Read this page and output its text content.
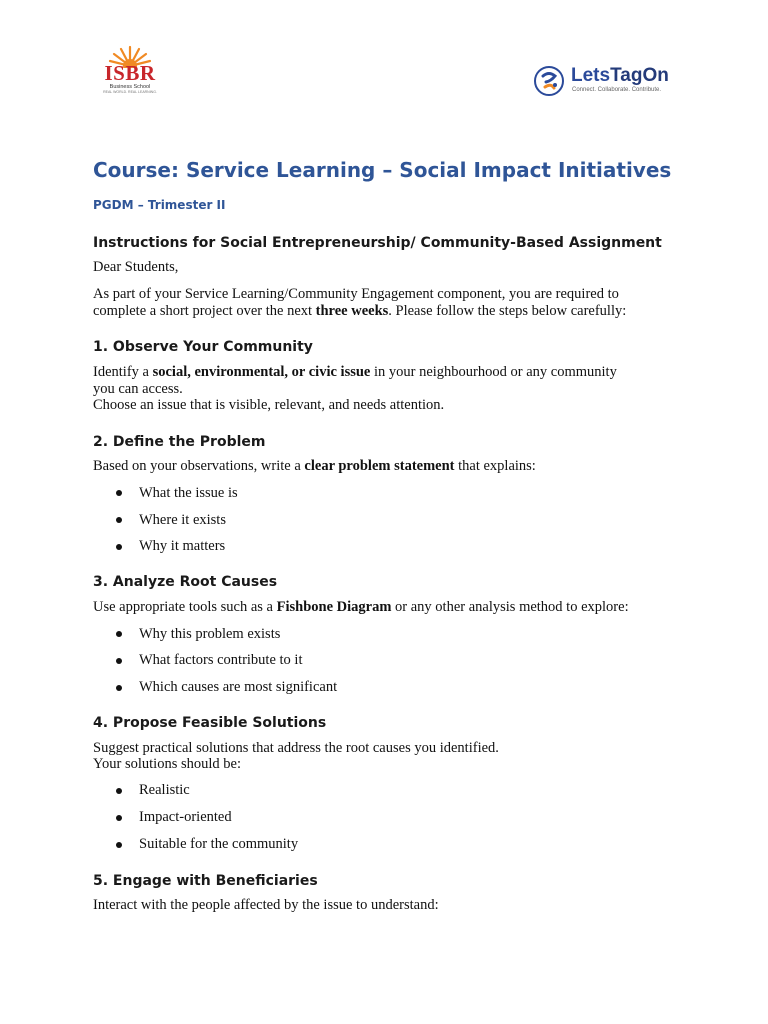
ISBR
Business School
REAL WORLD. REAL LEARNING.
LetsTagOn
Connect. Collaborate. Contribute.
Course: Service Learning – Social Impact Initiatives
PGDM – Trimester II
Instructions for Social Entrepreneurship/ Community-Based Assignment
Dear Students,
As part of your Service Learning/Community Engagement component, you are required to
complete a short project over the next three weeks. Please follow the steps below carefully:
1. Observe Your Community
Identify a social, environmental, or civic issue in your neighbourhood or any community
you can access.
Choose an issue that is visible, relevant, and needs attention.
2. Define the Problem
Based on your observations, write a clear problem statement that explains:
What the issue is
Where it exists
Why it matters
3. Analyze Root Causes
Use appropriate tools such as a Fishbone Diagram or any other analysis method to explore:
Why this problem exists
What factors contribute to it
Which causes are most significant
4. Propose Feasible Solutions
Suggest practical solutions that address the root causes you identified.
Your solutions should be:
Realistic
Impact-oriented
Suitable for the community
5. Engage with Beneficiaries
Interact with the people affected by the issue to understand:
